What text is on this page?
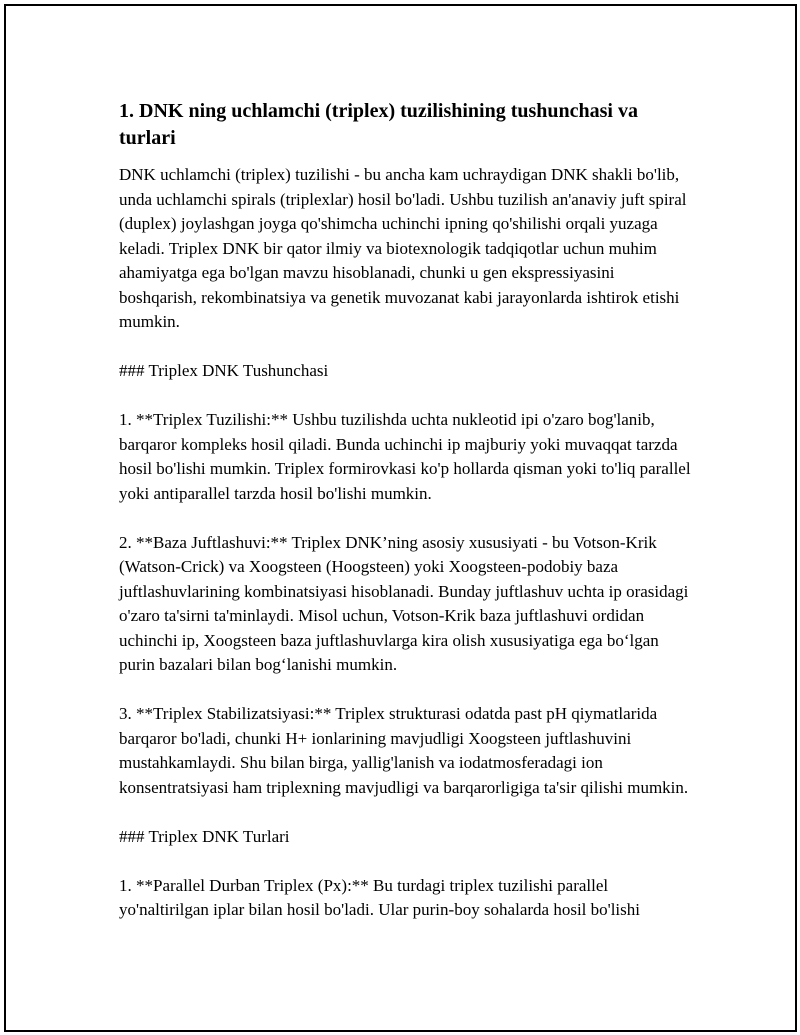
1. DNK ning uchlamchi (triplex) tuzilishining tushunchasi va turlari

DNK uchlamchi (triplex) tuzilishi - bu ancha kam uchraydigan DNK shakli bo'lib, unda uchlamchi spirals (triplexlar) hosil bo'ladi. Ushbu tuzilish an'anaviy juft spiral (duplex) joylashgan joyga qo'shimcha uchinchi ipning qo'shilishi orqali yuzaga keladi. Triplex DNK bir qator ilmiy va biotexnologik tadqiqotlar uchun muhim ahamiyatga ega bo'lgan mavzu hisoblanadi, chunki u gen ekspressiyasini boshqarish, rekombinatsiya va genetik muvozanat kabi jarayonlarda ishtirok etishi mumkin.

### Triplex DNK Tushunchasi

1. **Triplex Tuzilishi:** Ushbu tuzilishda uchta nukleotid ipi o'zaro bog'lanib, barqaror kompleks hosil qiladi. Bunda uchinchi ip majburiy yoki muvaqqat tarzda hosil bo'lishi mumkin. Triplex formirovkasi ko'p hollarda qisman yoki to'liq parallel yoki antiparallel tarzda hosil bo'lishi mumkin.

2. **Baza Juftlashuvi:** Triplex DNK’ning asosiy xususiyati - bu Votson-Krik (Watson-Crick) va Xoogsteen (Hoogsteen) yoki Xoogsteen-podobiy baza juftlashuvlarining kombinatsiyasi hisoblanadi. Bunday juftlashuv uchta ip orasidagi o'zaro ta'sirni ta'minlaydi. Misol uchun, Votson-Krik baza juftlashuvi ordidan uchinchi ip, Xoogsteen baza juftlashuvlarga kira olish xususiyatiga ega bo‘lgan purin bazalari bilan bog‘lanishi mumkin.

3. **Triplex Stabilizatsiyasi:** Triplex strukturasi odatda past pH qiymatlarida barqaror bo'ladi, chunki H+ ionlarining mavjudligi Xoogsteen juftlashuvini mustahkamlaydi. Shu bilan birga, yallig'lanish va iodatmosferadagi ion konsentratsiyasi ham triplexning mavjudligi va barqarorligiga ta'sir qilishi mumkin.

### Triplex DNK Turlari

1. **Parallel Durban Triplex (Px):** Bu turdagi triplex tuzilishi parallel yo'naltirilgan iplar bilan hosil bo'ladi. Ular purin-boy sohalarda hosil bo'lishi
